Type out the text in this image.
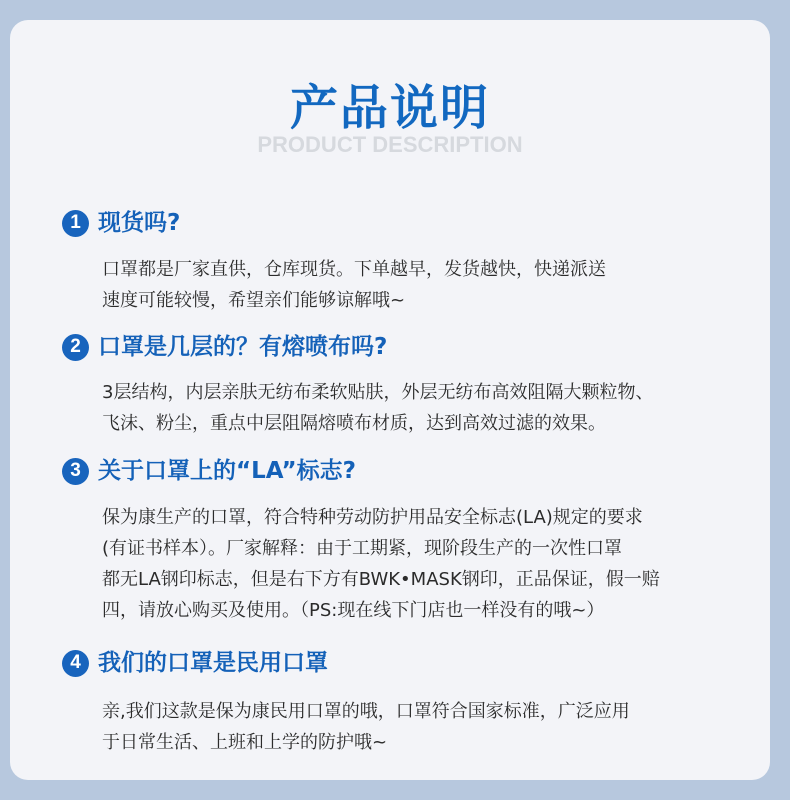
产品说明
PRODUCT DESCRIPTION
1 现货吗?
口罩都是厂家直供，仓库现货。下单越早，发货越快，快递派送
速度可能较慢，希望亲们能够谅解哦~
2 口罩是几层的？有熔喷布吗?
3层结构，内层亲肤无纺布柔软贴肤，外层无纺布高效阻隔大颗粒物、
飞沫、粉尘，重点中层阻隔熔喷布材质，达到高效过滤的效果。
3 关于口罩上的“LA”标志?
保为康生产的口罩，符合特种劳动防护用品安全标志(LA)规定的要求
(有证书样本）。厂家解释：由于工期紧，现阶段生产的一次性口罩
都无LA钢印标志，但是右下方有BWK•MASK钢印，正品保证，假一赔
四，请放心购买及使用。（PS:现在线下门店也一样没有的哦~）
4 我们的口罩是民用口罩
亲,我们这款是保为康民用口罩的哦，口罩符合国家标准，广泛应用
于日常生活、上班和上学的防护哦~
